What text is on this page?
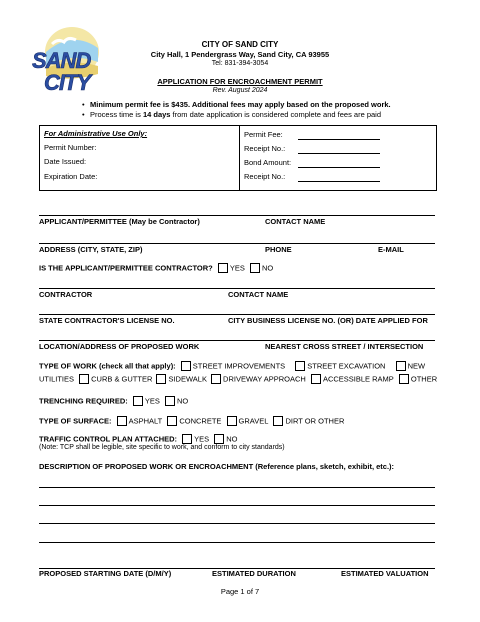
SAND
CITY
CITY OF SAND CITY
City Hall, 1 Pendergrass Way, Sand City, CA 93955
Tel: 831-394-3054
APPLICATION FOR ENCROACHMENT PERMIT
Rev. August 2024
• Minimum permit fee is $435. Additional fees may apply based on the proposed work.
• Process time is 14 days from date application is considered complete and fees are paid
For Administrative Use Only:
Permit Number:
Date Issued:
Expiration Date:
Permit Fee:
Receipt No.:
Bond Amount:
Receipt No.:
APPLICANT/PERMITTEE (May be Contractor)	CONTACT NAME
ADDRESS (CITY, STATE, ZIP)	PHONE	E-MAIL
IS THE APPLICANT/PERMITTEE CONTRACTOR? YES NO
CONTRACTOR	CONTACT NAME
STATE CONTRACTOR'S LICENSE NO.	CITY BUSINESS LICENSE NO. (OR) DATE APPLIED FOR
LOCATION/ADDRESS OF PROPOSED WORK	NEAREST CROSS STREET / INTERSECTION
TYPE OF WORK (check all that apply): STREET IMPROVEMENTS	STREET EXCAVATION	NEW
UTILITIES CURB & GUTTER SIDEWALK DRIVEWAY APPROACH ACCESSIBLE RAMP OTHER
TRENCHING REQUIRED: YES NO
TYPE OF SURFACE: ASPHALT CONCRETE GRAVEL DIRT OR OTHER
TRAFFIC CONTROL PLAN ATTACHED: YES NO
(Note: TCP shall be legible, site specific to work, and conform to city standards)
DESCRIPTION OF PROPOSED WORK OR ENCROACHMENT (Reference plans, sketch, exhibit, etc.):
PROPOSED STARTING DATE (D/M/Y)	ESTIMATED DURATION	ESTIMATED VALUATION
Page 1 of 7
